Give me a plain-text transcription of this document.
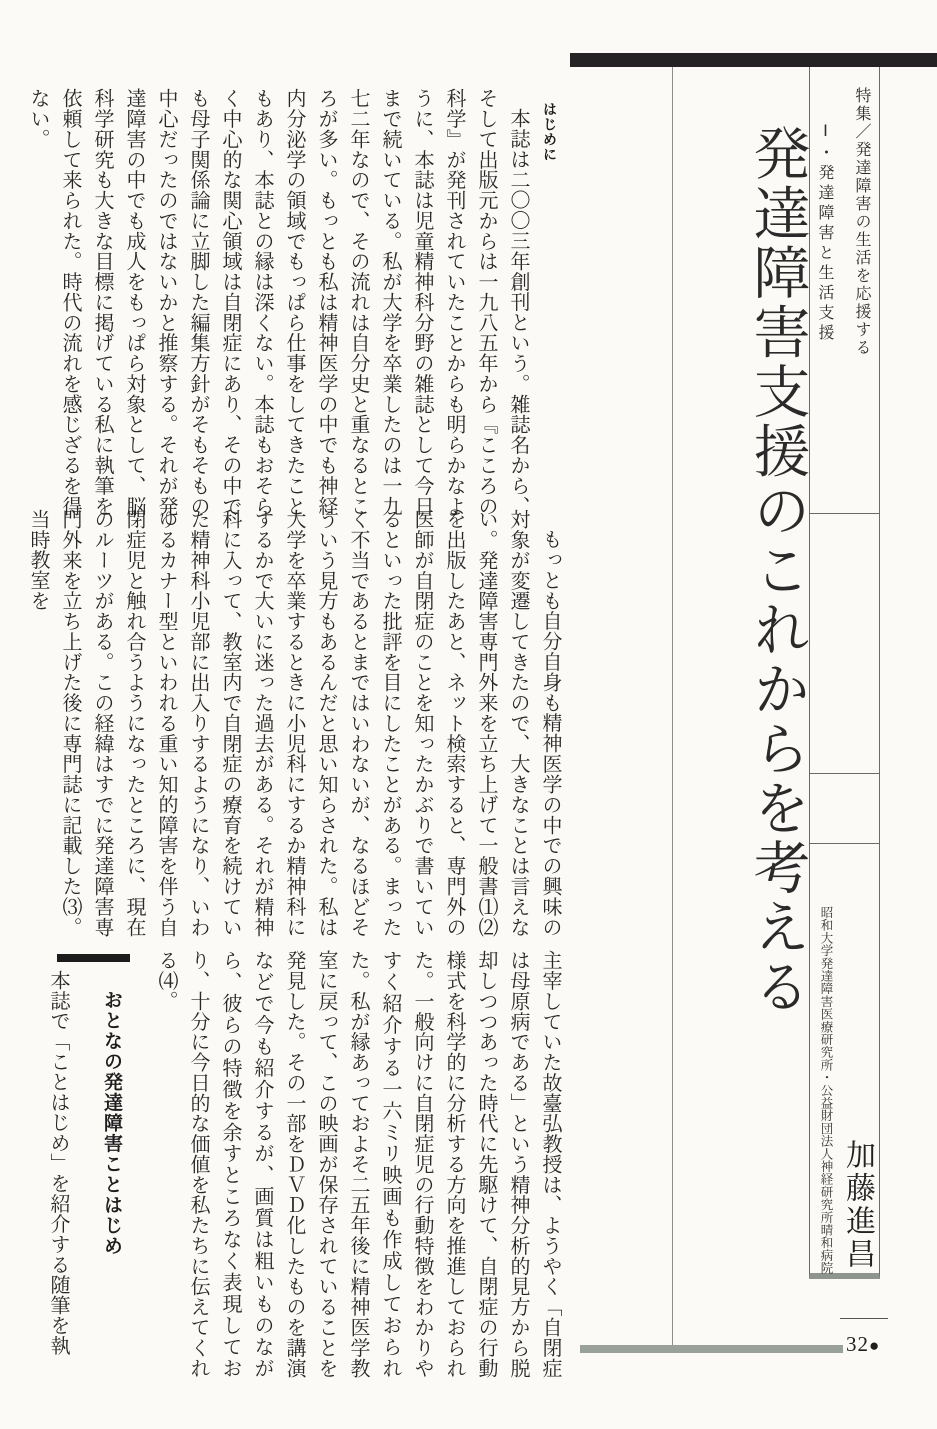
特集／発達障害の生活を応援する
Ⅰ・発達障害と生活支援
発達障害支援のこれからを考える
昭和大学発達障害医療研究所・公益財団法人神経研究所晴和病院 加藤進昌
はじめに

本誌は二〇〇三年創刊という。雑誌名から、そして出版元からは一九八五年から『こころの科学』が発刊されていたことからも明らかなように、本誌は児童精神科分野の雑誌として今日まで続いている。私が大学を卒業したのは一九七二年なので、その流れは自分史と重なるところが多い。もっとも私は精神医学の中でも神経内分泌学の領域でもっぱら仕事をしてきたこともあり、本誌との縁は深くない。本誌もおそらく中心的な関心領域は自閉症にあり、その中でも母子関係論に立脚した編集方針がそもそもの中心だったのではないかと推察する。それが発達障害の中でも成人をもっぱら対象として、脳科学研究も大きな目標に掲げている私に執筆を依頼して来られた。時代の流れを感じざるを得ない。

もっとも自分自身も精神医学の中での興味の対象が変遷してきたので、大きなことは言えない。発達障害専門外来を立ち上げて一般書⑴⑵を出版したあと、ネット検索すると、専門外の医師が自閉症のことを知ったかぶりで書いているといった批評を目にしたことがある。まったく不当であるとまではいわないが、なるほどそういう見方もあるんだと思い知らされた。私は大学を卒業するときに小児科にするか精神科にするかで大いに迷った過去がある。それが精神科に入って、教室内で自閉症の療育を続けていた精神科小児部に出入りするようになり、いわゆるカナー型といわれる重い知的障害を伴う自閉症児と触れ合うようになったところに、現在のルーツがある。この経緯はすでに発達障害専門外来を立ち上げた後に専門誌に記載した⑶。当時教室を

主宰していた故臺弘教授は、ようやく「自閉症は母原病である」という精神分析的見方から脱却しつつあった時代に先駆けて、自閉症の行動様式を科学的に分析する方向を推進しておられた。一般向けに自閉症児の行動特徴をわかりやすく紹介する一六ミリ映画も作成しておられた。私が縁あっておよそ二五年後に精神医学教室に戻って、この映画が保存されていることを発見した。その一部をＤＶＤ化したものを講演などで今も紹介するが、画質は粗いものながら、彼らの特徴を余すところなく表現しており、十分に今日的な価値を私たちに伝えてくれる⑷。

おとなの発達障害ことはじめ

本誌で「ことはじめ」を紹介する随筆を執	32●
